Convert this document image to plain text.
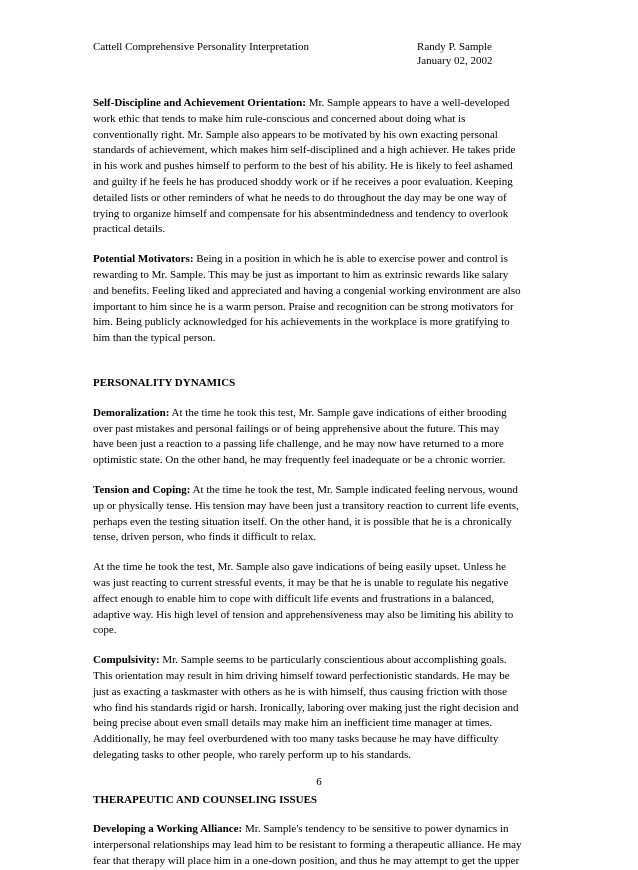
Cattell Comprehensive Personality Interpretation	Randy P. Sample
January 02, 2002

Self-Discipline and Achievement Orientation: Mr. Sample appears to have a well-developed
work ethic that tends to make him rule-conscious and concerned about doing what is
conventionally right. Mr. Sample also appears to be motivated by his own exacting personal
standards of achievement, which makes him self-disciplined and a high achiever. He takes pride
in his work and pushes himself to perform to the best of his ability. He is likely to feel ashamed
and guilty if he feels he has produced shoddy work or if he receives a poor evaluation. Keeping
detailed lists or other reminders of what he needs to do throughout the day may be one way of
trying to organize himself and compensate for his absentmindedness and tendency to overlook
practical details.

Potential Motivators: Being in a position in which he is able to exercise power and control is
rewarding to Mr. Sample. This may be just as important to him as extrinsic rewards like salary
and benefits. Feeling liked and appreciated and having a congenial working environment are also
important to him since he is a warm person. Praise and recognition can be strong motivators for
him. Being publicly acknowledged for his achievements in the workplace is more gratifying to
him than the typical person.

PERSONALITY DYNAMICS

Demoralization: At the time he took this test, Mr. Sample gave indications of either brooding
over past mistakes and personal failings or of being apprehensive about the future. This may
have been just a reaction to a passing life challenge, and he may now have returned to a more
optimistic state. On the other hand, he may frequently feel inadequate or be a chronic worrier.

Tension and Coping: At the time he took the test, Mr. Sample indicated feeling nervous, wound
up or physically tense. His tension may have been just a transitory reaction to current life events,
perhaps even the testing situation itself. On the other hand, it is possible that he is a chronically
tense, driven person, who finds it difficult to relax.

At the time he took the test, Mr. Sample also gave indications of being easily upset. Unless he
was just reacting to current stressful events, it may be that he is unable to regulate his negative
affect enough to enable him to cope with difficult life events and frustrations in a balanced,
adaptive way. His high level of tension and apprehensiveness may also be limiting his ability to
cope.

Compulsivity: Mr. Sample seems to be particularly conscientious about accomplishing goals.
This orientation may result in him driving himself toward perfectionistic standards. He may be
just as exacting a taskmaster with others as he is with himself, thus causing friction with those
who find his standards rigid or harsh. Ironically, laboring over making just the right decision and
being precise about even small details may make him an inefficient time manager at times.
Additionally, he may feel overburdened with too many tasks because he may have difficulty
delegating tasks to other people, who rarely perform up to his standards.

THERAPEUTIC AND COUNSELING ISSUES

Developing a Working Alliance: Mr. Sample's tendency to be sensitive to power dynamics in
interpersonal relationships may lead him to be resistant to forming a therapeutic alliance. He may
fear that therapy will place him in a one-down position, and thus he may attempt to get the upper

6
